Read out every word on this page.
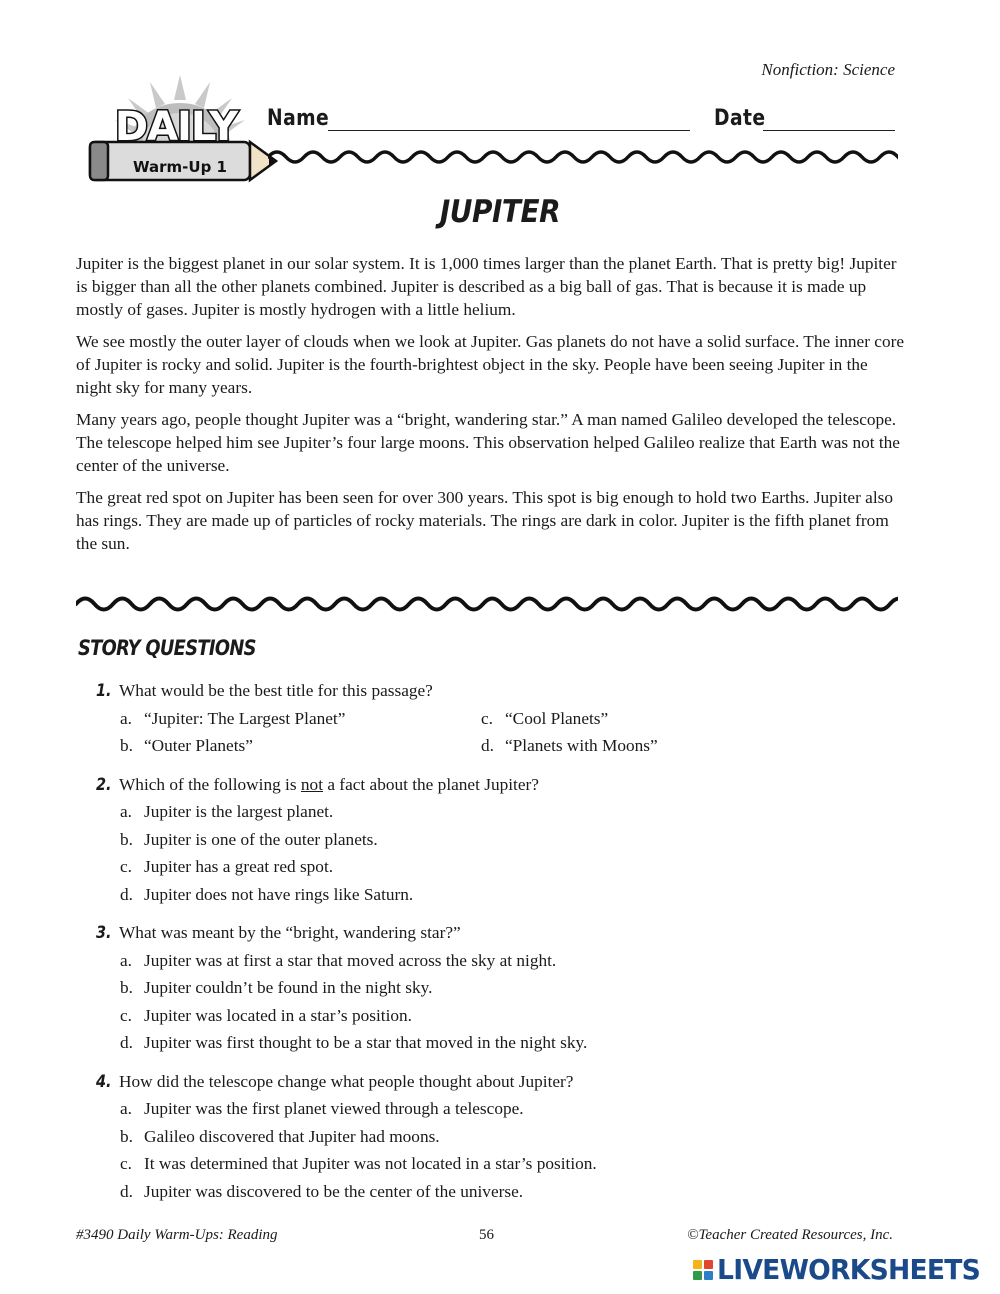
Nonfiction: Science
DAILY
Warm-Up 1
Name	Date
JUPITER

Jupiter is the biggest planet in our solar system. It is 1,000 times larger than the planet Earth. That is pretty big! Jupiter is bigger than all the other planets combined. Jupiter is described as a big ball of gas. That is because it is made up mostly of gases. Jupiter is mostly hydrogen with a little helium.

We see mostly the outer layer of clouds when we look at Jupiter. Gas planets do not have a solid surface. The inner core of Jupiter is rocky and solid. Jupiter is the fourth-brightest object in the sky. People have been seeing Jupiter in the night sky for many years.

Many years ago, people thought Jupiter was a “bright, wandering star.” A man named Galileo developed the telescope. The telescope helped him see Jupiter’s four large moons. This observation helped Galileo realize that Earth was not the center of the universe.

The great red spot on Jupiter has been seen for over 300 years. This spot is big enough to hold two Earths. Jupiter also has rings. They are made up of particles of rocky materials. The rings are dark in color. Jupiter is the fifth planet from the sun.

STORY QUESTIONS
1. What would be the best title for this passage?
a. “Jupiter: The Largest Planet”	c. “Cool Planets”
b. “Outer Planets”	d. “Planets with Moons”
2. Which of the following is not a fact about the planet Jupiter?
a. Jupiter is the largest planet.
b. Jupiter is one of the outer planets.
c. Jupiter has a great red spot.
d. Jupiter does not have rings like Saturn.
3. What was meant by the “bright, wandering star?”
a. Jupiter was at first a star that moved across the sky at night.
b. Jupiter couldn’t be found in the night sky.
c. Jupiter was located in a star’s position.
d. Jupiter was first thought to be a star that moved in the night sky.
4. How did the telescope change what people thought about Jupiter?
a. Jupiter was the first planet viewed through a telescope.
b. Galileo discovered that Jupiter had moons.
c. It was determined that Jupiter was not located in a star’s position.
d. Jupiter was discovered to be the center of the universe.
#3490 Daily Warm-Ups: Reading	56	©Teacher Created Resources, Inc.
LIVEWORKSHEETS
